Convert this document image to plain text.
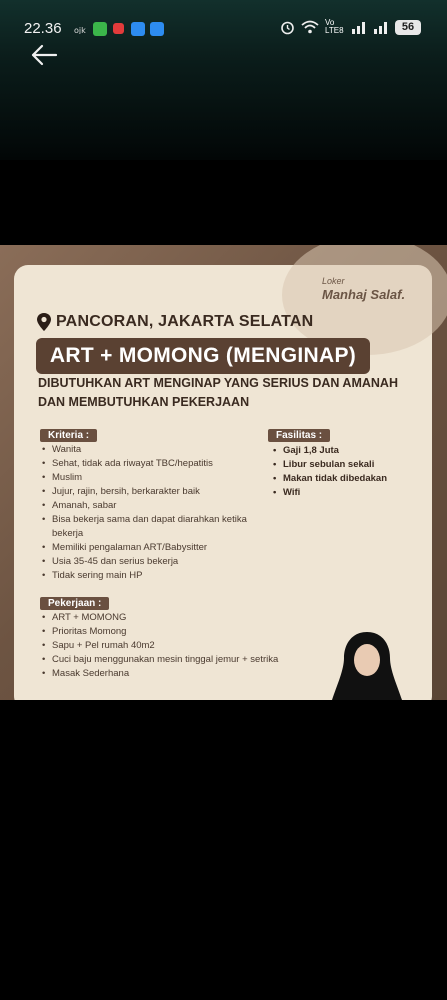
22.36 ojk
Vo LTE8	56
Loker
Manhaj Salaf.
PANCORAN, JAKARTA SELATAN
ART + MOMONG (MENGINAP)
DIBUTUHKAN ART MENGINAP YANG SERIUS DAN AMANAH
DAN MEMBUTUHKAN PEKERJAAN
Kriteria :
• Wanita
• Sehat, tidak ada riwayat TBC/hepatitis
• Muslim
• Jujur, rajin, bersih, berkarakter baik
• Amanah, sabar
• Bisa bekerja sama dan dapat diarahkan ketika bekerja
• Memiliki pengalaman ART/Babysitter
• Usia 35-45 dan serius bekerja
• Tidak sering main HP
Fasilitas :
• Gaji 1,8 Juta
• Libur sebulan sekali
• Makan tidak dibedakan
• Wifi
Pekerjaan :
• ART + MOMONG
• Prioritas Momong
• Sapu + Pel rumah 40m2
• Cuci baju menggunakan mesin tinggal jemur + setrika
• Masak Sederhana
